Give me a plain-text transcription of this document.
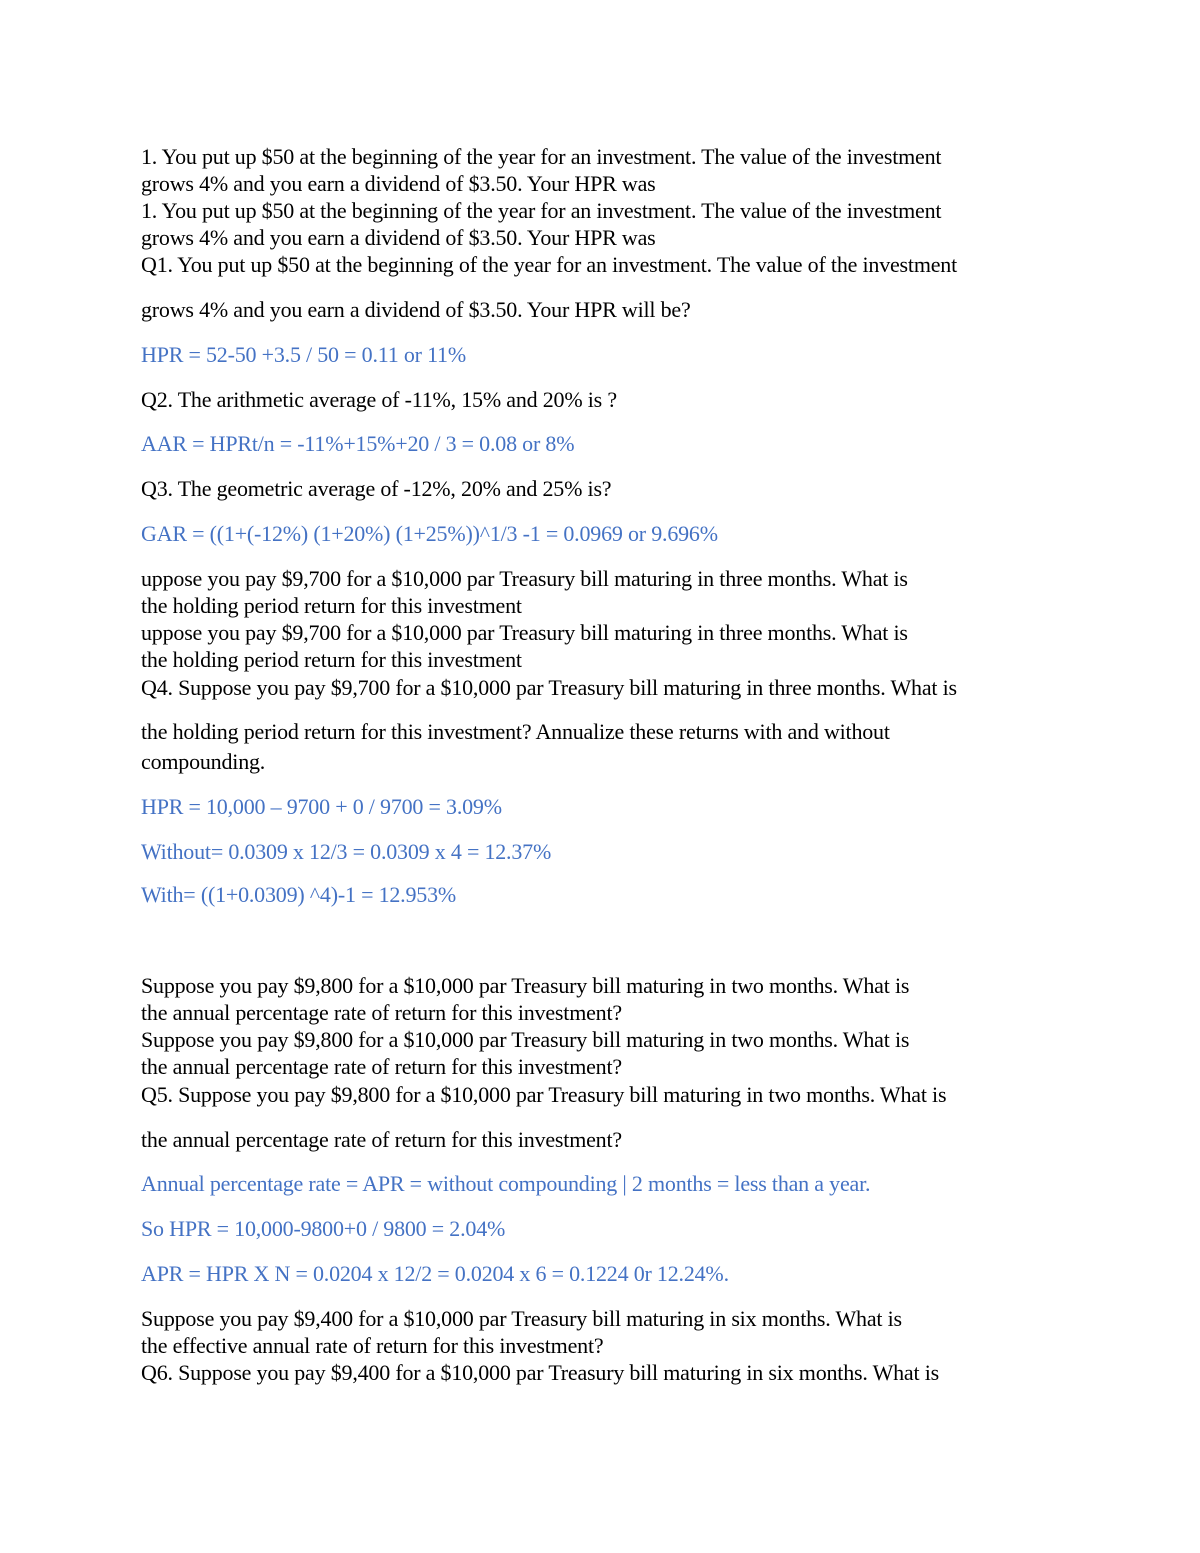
1. You put up $50 at the beginning of the year for an investment. The value of the investment

grows 4% and you earn a dividend of $3.50. Your HPR was

1. You put up $50 at the beginning of the year for an investment. The value of the investment

grows 4% and you earn a dividend of $3.50. Your HPR was

Q1. You put up $50 at the beginning of the year for an investment. The value of the investment

grows 4% and you earn a dividend of $3.50. Your HPR will be?

HPR = 52-50 +3.5 / 50 = 0.11 or 11%

Q2. The arithmetic average of -11%, 15% and 20% is ?

AAR = HPRt/n = -11%+15%+20 / 3 = 0.08 or 8%

Q3. The geometric average of -12%, 20% and 25% is?

GAR = ((1+(-12%) (1+20%) (1+25%))^1/3 -1 = 0.0969 or 9.696%

uppose you pay $9,700 for a $10,000 par Treasury bill maturing in three months. What is

the holding period return for this investment

uppose you pay $9,700 for a $10,000 par Treasury bill maturing in three months. What is

the holding period return for this investment

Q4. Suppose you pay $9,700 for a $10,000 par Treasury bill maturing in three months. What is

the holding period return for this investment? Annualize these returns with and without

compounding.

HPR = 10,000 – 9700 + 0 / 9700 = 3.09%

Without= 0.0309 x 12/3 = 0.0309 x 4 = 12.37%

With= ((1+0.0309) ^4)-1 = 12.953%

Suppose you pay $9,800 for a $10,000 par Treasury bill maturing in two months. What is

the annual percentage rate of return for this investment?

Suppose you pay $9,800 for a $10,000 par Treasury bill maturing in two months. What is

the annual percentage rate of return for this investment?

Q5. Suppose you pay $9,800 for a $10,000 par Treasury bill maturing in two months. What is

the annual percentage rate of return for this investment?

Annual percentage rate = APR = without compounding | 2 months = less than a year.

So HPR = 10,000-9800+0 / 9800 = 2.04%

APR = HPR X N = 0.0204 x 12/2 = 0.0204 x 6 = 0.1224 0r 12.24%.

Suppose you pay $9,400 for a $10,000 par Treasury bill maturing in six months. What is

the effective annual rate of return for this investment?

Q6. Suppose you pay $9,400 for a $10,000 par Treasury bill maturing in six months. What is
